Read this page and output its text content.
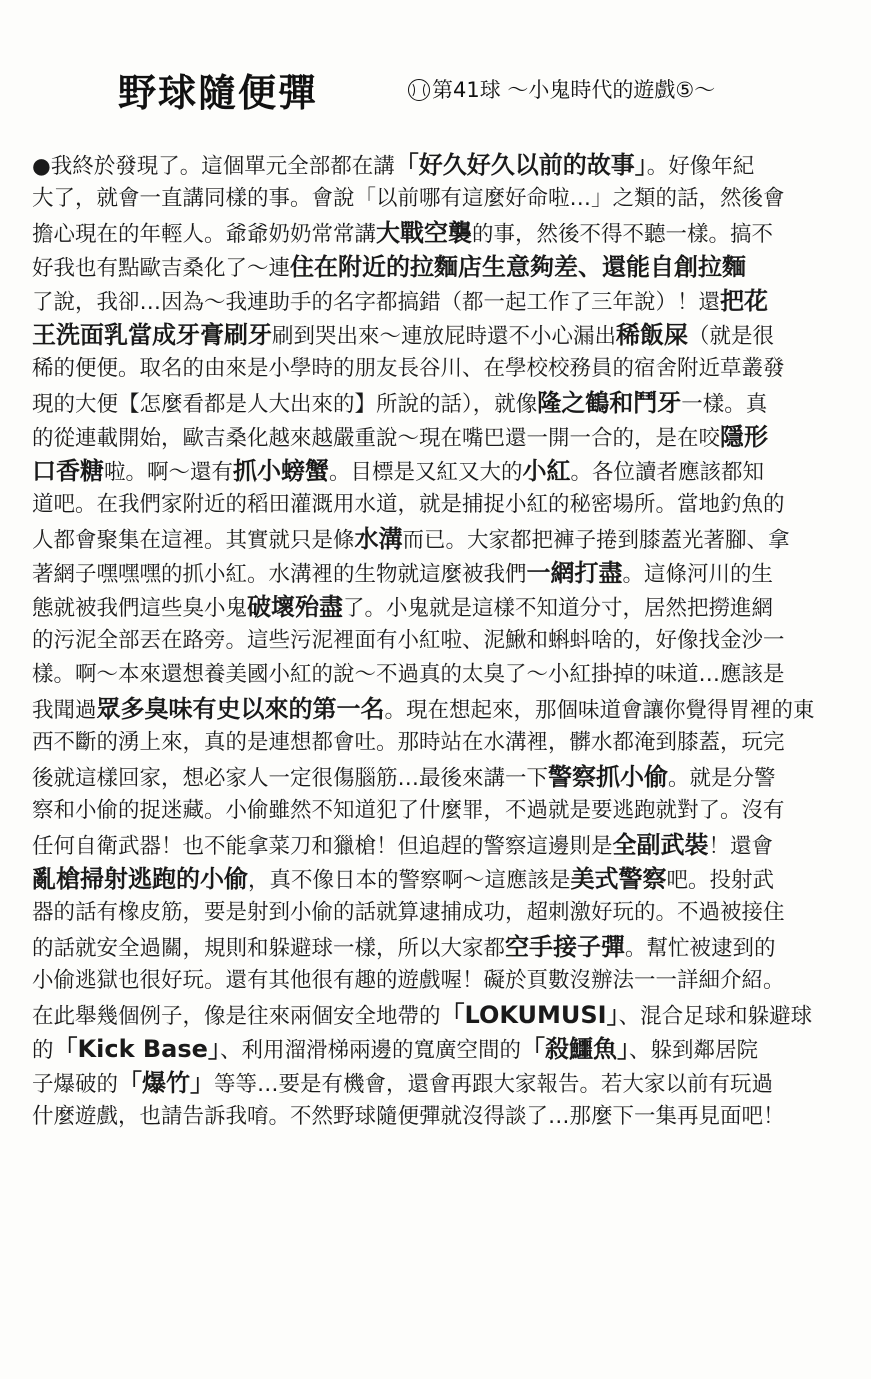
野球隨便彈	第41球 ～小鬼時代的遊戲⑤～
●我終於發現了。這個單元全部都在講「好久好久以前的故事」。好像年紀
大了，就會一直講同樣的事。會說「以前哪有這麼好命啦…」之類的話，然後會
擔心現在的年輕人。爺爺奶奶常常講大戰空襲的事，然後不得不聽一樣。搞不
好我也有點歐吉桑化了～連住在附近的拉麵店生意夠差、還能自創拉麵
了說，我卻…因為～我連助手的名字都搞錯（都一起工作了三年說）！還把花
王洗面乳當成牙膏刷牙刷到哭出來～連放屁時還不小心漏出稀飯屎（就是很
稀的便便。取名的由來是小學時的朋友長谷川、在學校校務員的宿舍附近草叢發
現的大便【怎麼看都是人大出來的】所說的話），就像隆之鶴和鬥牙一樣。真
的從連載開始，歐吉桑化越來越嚴重說～現在嘴巴還一開一合的，是在咬隱形
口香糖啦。啊～還有抓小螃蟹。目標是又紅又大的小紅。各位讀者應該都知
道吧。在我們家附近的稻田灌溉用水道，就是捕捉小紅的秘密場所。當地釣魚的
人都會聚集在這裡。其實就只是條水溝而已。大家都把褲子捲到膝蓋光著腳、拿
著網子嘿嘿嘿的抓小紅。水溝裡的生物就這麼被我們一網打盡。這條河川的生
態就被我們這些臭小鬼破壞殆盡了。小鬼就是這樣不知道分寸，居然把撈進網
的污泥全部丟在路旁。這些污泥裡面有小紅啦、泥鰍和蝌蚪啥的，好像找金沙一
樣。啊～本來還想養美國小紅的說～不過真的太臭了～小紅掛掉的味道…應該是
我聞過眾多臭味有史以來的第一名。現在想起來，那個味道會讓你覺得胃裡的東
西不斷的湧上來，真的是連想都會吐。那時站在水溝裡，髒水都淹到膝蓋，玩完
後就這樣回家，想必家人一定很傷腦筋…最後來講一下警察抓小偷。就是分警
察和小偷的捉迷藏。小偷雖然不知道犯了什麼罪，不過就是要逃跑就對了。沒有
任何自衛武器！也不能拿菜刀和獵槍！但追趕的警察這邊則是全副武裝！還會
亂槍掃射逃跑的小偷，真不像日本的警察啊～這應該是美式警察吧。投射武
器的話有橡皮筋，要是射到小偷的話就算逮捕成功，超刺激好玩的。不過被接住
的話就安全過關，規則和躲避球一樣，所以大家都空手接子彈。幫忙被逮到的
小偷逃獄也很好玩。還有其他很有趣的遊戲喔！礙於頁數沒辦法一一詳細介紹。
在此舉幾個例子，像是往來兩個安全地帶的「LOKUMUSI」、混合足球和躲避球
的「Kick Base」、利用溜滑梯兩邊的寬廣空間的「殺鱷魚」、躲到鄰居院
子爆破的「爆竹」等等…要是有機會，還會再跟大家報告。若大家以前有玩過
什麼遊戲，也請告訴我唷。不然野球隨便彈就沒得談了…那麼下一集再見面吧！
